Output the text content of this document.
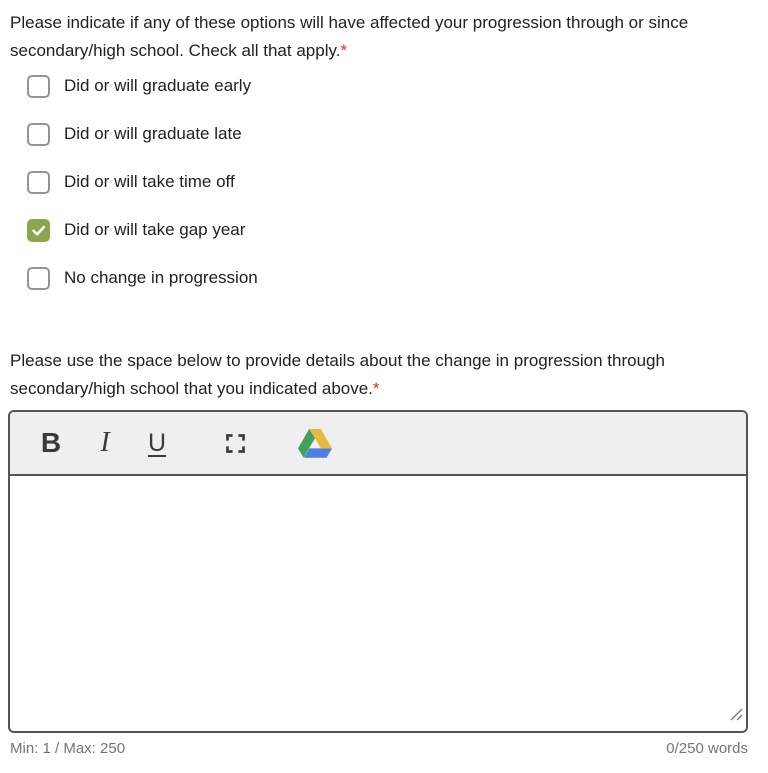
Please indicate if any of these options will have affected your progression through or since secondary/high school. Check all that apply.*

Did or will graduate early
Did or will graduate late
Did or will take time off
Did or will take gap year
No change in progression

Please use the space below to provide details about the change in progression through secondary/high school that you indicated above.*

B	I	U
Min: 1 / Max: 250	0/250 words
